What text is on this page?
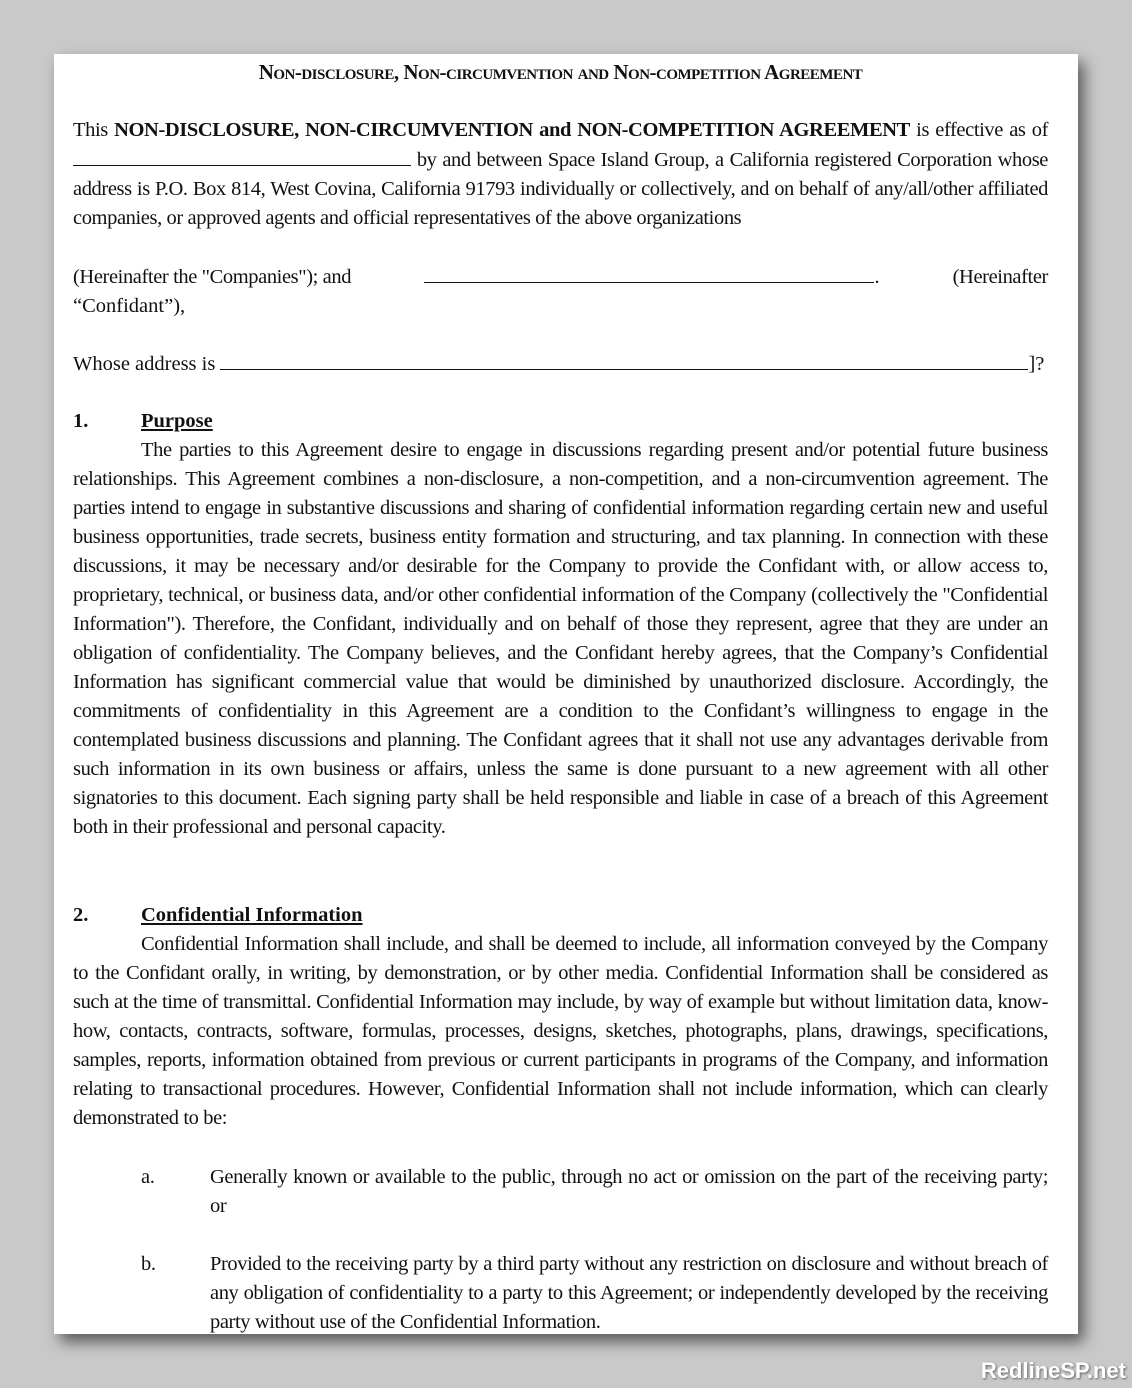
Non-disclosure, Non-circumvention and Non-competition Agreement

This NON-DISCLOSURE, NON-CIRCUMVENTION and NON-COMPETITION AGREEMENT is effective as of  by and between Space Island Group, a California registered Corporation whose address is P.O. Box 814, West Covina, California 91793 individually or collectively, and on behalf of any/all/other affiliated companies, or approved agents and official representatives of the above organizations

(Hereinafter the "Companies"); and	.	(Hereinafter
“Confidant”),
Whose address is	]?
1.	Purpose

The parties to this Agreement desire to engage in discussions regarding present and/or potential future business relationships. This Agreement combines a non-disclosure, a non-competition, and a non-circumvention agreement. The parties intend to engage in substantive discussions and sharing of confidential information regarding certain new and useful business opportunities, trade secrets, business entity formation and structuring, and tax planning. In connection with these discussions, it may be necessary and/or desirable for the Company to provide the Confidant with, or allow access to, proprietary, technical, or business data, and/or other confidential information of the Company (collectively the "Confidential Information"). Therefore, the Confidant, individually and on behalf of those they represent, agree that they are under an obligation of confidentiality. The Company believes, and the Confidant hereby agrees, that the Company’s Confidential Information has significant commercial value that would be diminished by unauthorized disclosure. Accordingly, the commitments of confidentiality in this Agreement are a condition to the Confidant’s willingness to engage in the contemplated business discussions and planning. The Confidant agrees that it shall not use any advantages derivable from such information in its own business or affairs, unless the same is done pursuant to a new agreement with all other signatories to this document. Each signing party shall be held responsible and liable in case of a breach of this Agreement both in their professional and personal capacity.

2.	Confidential Information

Confidential Information shall include, and shall be deemed to include, all information conveyed by the Company to the Confidant orally, in writing, by demonstration, or by other media. Confidential Information shall be considered as such at the time of transmittal. Confidential Information may include, by way of example but without limitation data, know-how, contacts, contracts, software, formulas, processes, designs, sketches, photographs, plans, drawings, specifications, samples, reports, information obtained from previous or current participants in programs of the Company, and information relating to transactional procedures. However, Confidential Information shall not include information, which can clearly demonstrated to be:

a.	Generally known or available to the public, through no act or omission on the part of the receiving party; or
b.	Provided to the receiving party by a third party without any restriction on disclosure and without breach of any obligation of confidentiality to a party to this Agreement; or independently developed by the receiving party without use of the Confidential Information.
RedlineSP.net
